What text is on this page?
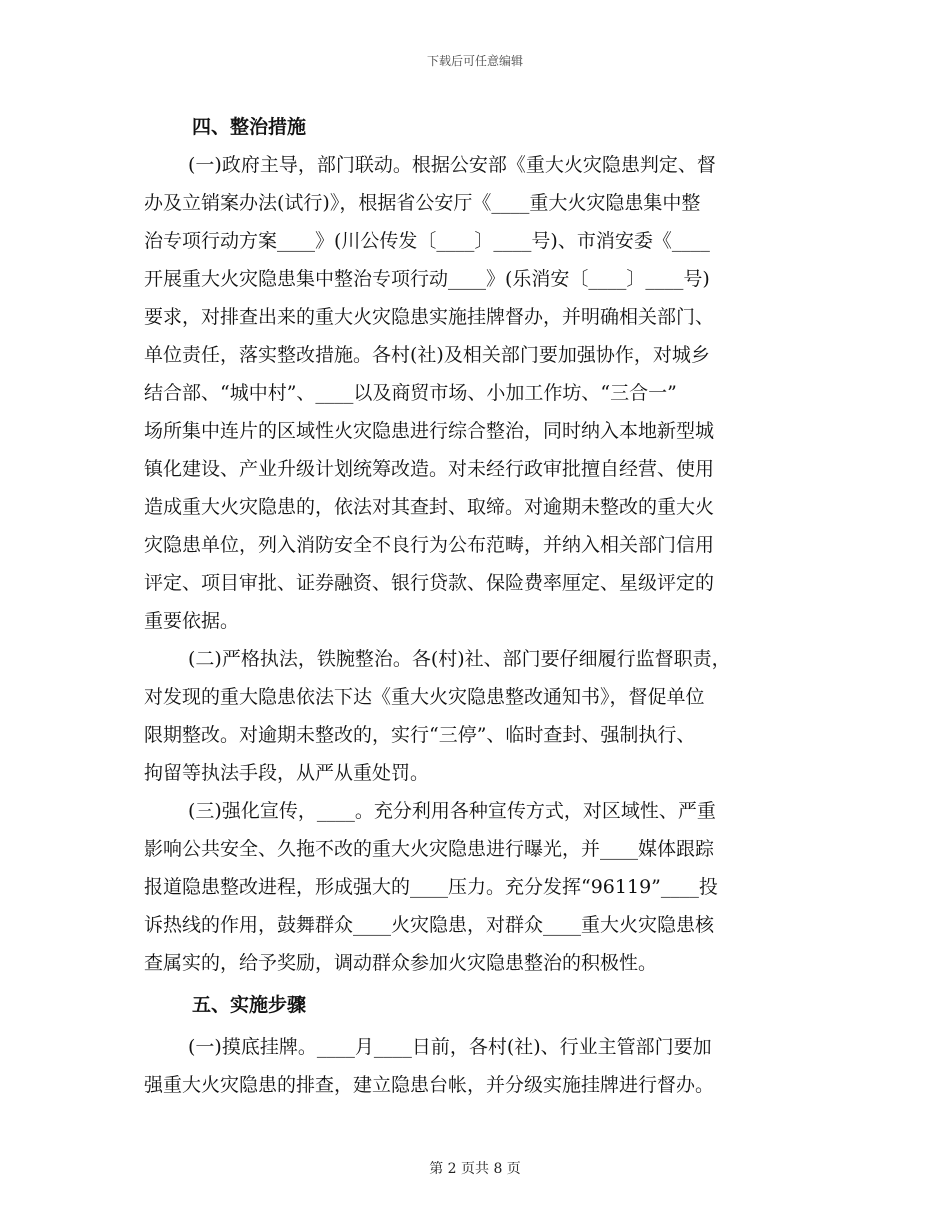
下载后可任意编辑
四、整治措施
(一)政府主导，部门联动。根据公安部《重大火灾隐患判定、督
办及立销案办法(试行)》，根据省公安厅《____重大火灾隐患集中整
治专项行动方案____》(川公传发〔____〕____号)、市消安委《____
开展重大火灾隐患集中整治专项行动____》(乐消安〔____〕____号)
要求，对排查出来的重大火灾隐患实施挂牌督办，并明确相关部门、
单位责任，落实整改措施。各村(社)及相关部门要加强协作，对城乡
结合部、“城中村”、____以及商贸市场、小加工作坊、“三合一”
场所集中连片的区域性火灾隐患进行综合整治，同时纳入本地新型城
镇化建设、产业升级计划统筹改造。对未经行政审批擅自经营、使用
造成重大火灾隐患的，依法对其查封、取缔。对逾期未整改的重大火
灾隐患单位，列入消防安全不良行为公布范畴，并纳入相关部门信用
评定、项目审批、证券融资、银行贷款、保险费率厘定、星级评定的
重要依据。
(二)严格执法，铁腕整治。各(村)社、部门要仔细履行监督职责，
对发现的重大隐患依法下达《重大火灾隐患整改通知书》，督促单位
限期整改。对逾期未整改的，实行“三停”、临时查封、强制执行、
拘留等执法手段，从严从重处罚。
(三)强化宣传，____。充分利用各种宣传方式，对区域性、严重
影响公共安全、久拖不改的重大火灾隐患进行曝光，并____媒体跟踪
报道隐患整改进程，形成强大的____压力。充分发挥“96119”____投
诉热线的作用，鼓舞群众____火灾隐患，对群众____重大火灾隐患核
查属实的，给予奖励，调动群众参加火灾隐患整治的积极性。
五、实施步骤
(一)摸底挂牌。____月____日前，各村(社)、行业主管部门要加
强重大火灾隐患的排查，建立隐患台帐，并分级实施挂牌进行督办。
第 2 页共 8 页
